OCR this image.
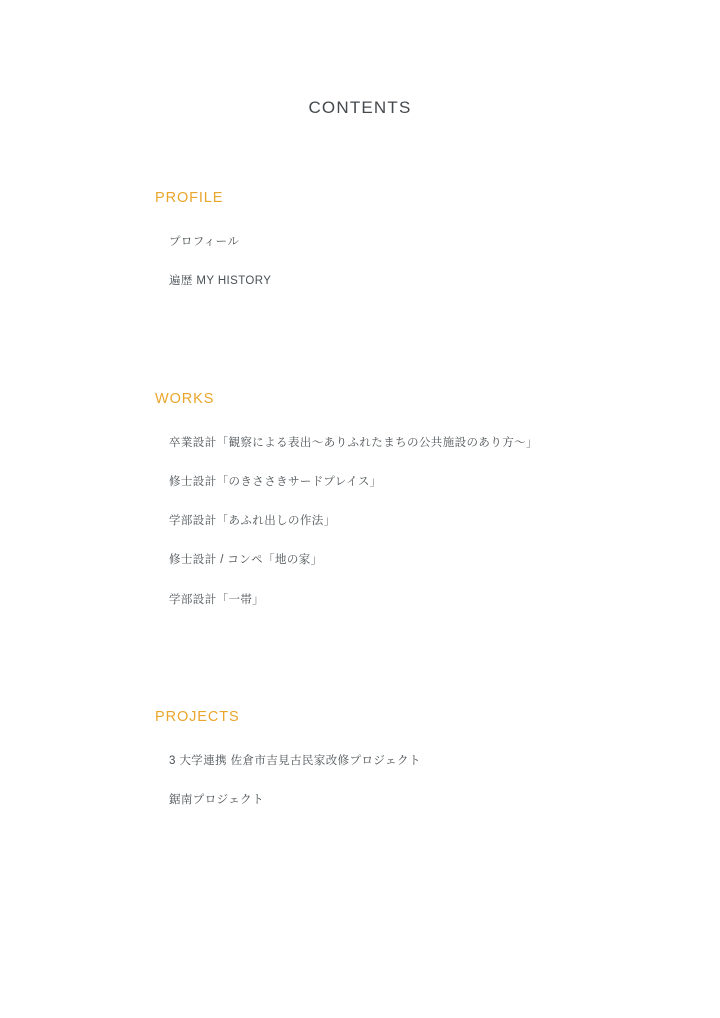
CONTENTS
PROFILE
プロフィール
遍歴 MY HISTORY
WORKS
卒業設計「観察による表出〜ありふれたまちの公共施設のあり方〜」
修士設計「のきささきサードプレイス」
学部設計「あふれ出しの作法」
修士設計 / コンペ「地の家」
学部設計「一帯」
PROJECTS
3 大学連携 佐倉市吉見古民家改修プロジェクト
鋸南プロジェクト
